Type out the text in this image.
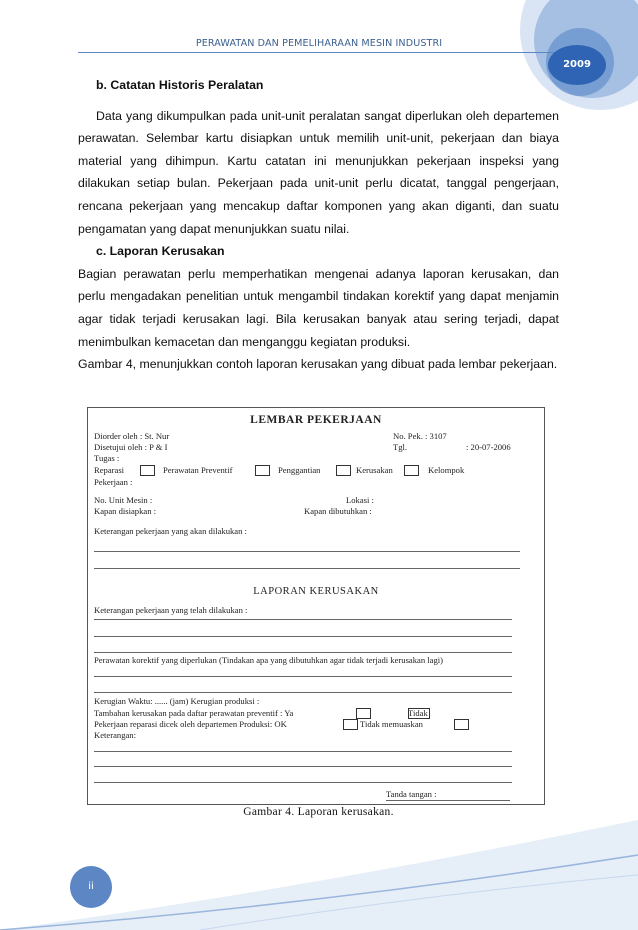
PERAWATAN DAN PEMELIHARAAN MESIN INDUSTRI
2009

b. Catatan Historis Peralatan

Data yang dikumpulkan pada unit-unit peralatan sangat diperlukan oleh departemen perawatan. Selembar kartu disiapkan untuk memilih unit-unit, pekerjaan dan biaya material yang dihimpun. Kartu catatan ini menunjukkan pekerjaan inspeksi yang dilakukan setiap bulan. Pekerjaan pada unit-unit perlu dicatat, tanggal pengerjaan, rencana pekerjaan yang mencakup daftar komponen yang akan diganti, dan suatu pengamatan yang dapat menunjukkan suatu nilai.

c. Laporan Kerusakan

Bagian perawatan perlu memperhatikan mengenai adanya laporan kerusakan, dan perlu mengadakan penelitian untuk mengambil tindakan korektif yang dapat menjamin agar tidak terjadi kerusakan lagi. Bila kerusakan banyak atau sering terjadi, dapat menimbulkan kemacetan dan menganggu kegiatan produksi.

Gambar 4, menunjukkan contoh laporan kerusakan yang dibuat pada lembar pekerjaan.

LEMBAR PEKERJAAN
Diorder oleh : St. Nur	No. Pek. : 3107
Disetujui oleh : P & I	Tgl.	: 20-07-2006
Tugas :
Reparasi	Perawatan Preventif	Penggantian	Kerusakan	Kelompok
Pekerjaan :
No. Unit Mesin :	Lokasi :
Kapan disiapkan :	Kapan dibutuhkan :
Keterangan pekerjaan yang akan dilakukan :
LAPORAN KERUSAKAN
Keterangan pekerjaan yang telah dilakukan :
Perawatan korektif yang diperlukan (Tindakan apa yang dibutuhkan agar tidak terjadi kerusakan lagi)
Kerugian Waktu: ...... (jam) Kerugian produksi :
Tambahan kerusakan pada daftar perawatan preventif : Ya	Tidak
Pekerjaan reparasi dicek oleh departemen Produksi: OK	Tidak memuaskan
Keterangan:
Tanda tangan :
Gambar 4. Laporan kerusakan.
ii
